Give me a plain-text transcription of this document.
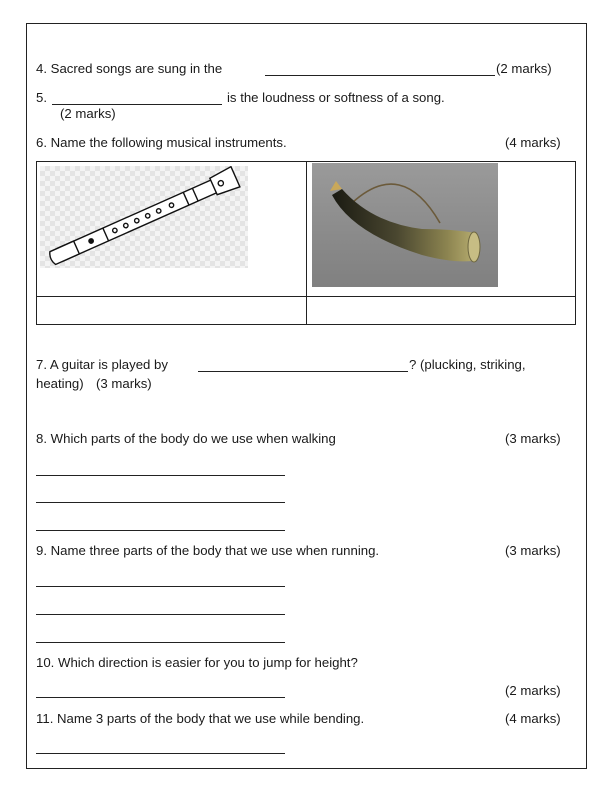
4. Sacred songs are sung in the	(2 marks)
5.	is the loudness or softness of a song.
(2 marks)
6. Name the following musical instruments.	(4 marks)
7. A guitar is played by	? (plucking, striking,
heating) (3 marks)
8. Which parts of the body do we use when walking	(3 marks)
9. Name three parts of the body that we use when running.	(3 marks)
10. Which direction is easier for you to jump for height?
(2 marks)
11. Name 3 parts of the body that we use while bending.	(4 marks)
